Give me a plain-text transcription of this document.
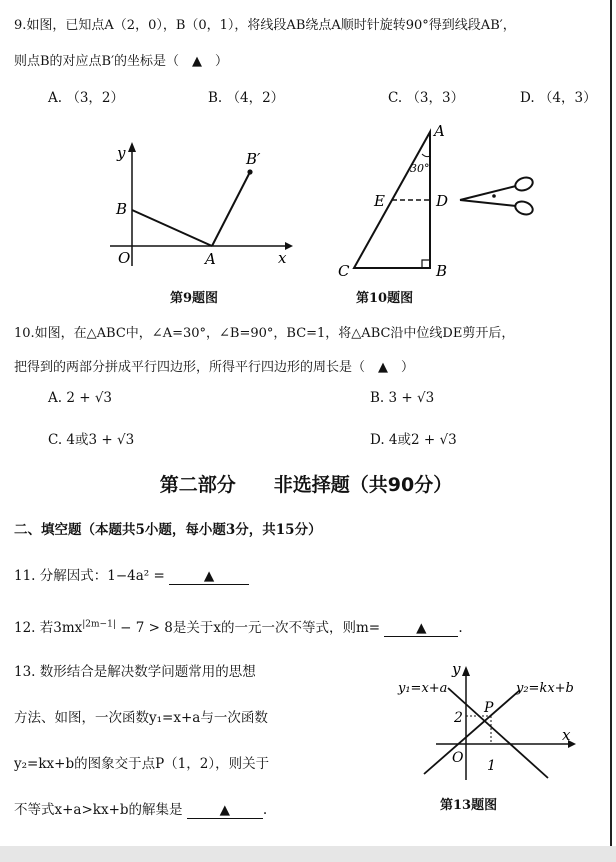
9.如图，已知点A（2，0），B（0，1），将线段AB绕点A顺时针旋转90°得到线段AB′，
则点B的对应点B′的坐标是（　▲　）
A. （3，2）	B. （4，2）	C. （3，3）	D. （4，3）
y
x
O	A
B
B′
第9题图
A
30°
E	D
C	B
第10题图
10.如图，在△ABC中，∠A=30°，∠B=90°，BC=1，将△ABC沿中位线DE剪开后，
把得到的两部分拼成平行四边形，所得平行四边形的周长是（　▲　）
A. 2 + √3	B. 3 + √3
C. 4或3 + √3	D. 4或2 + √3
第二部分　　非选择题（共90分）
二、填空题（本题共5小题，每小题3分，共15分）
11. 分解因式：1−4a² =	▲
12. 若$3mx^{|2m-1|} - 7 > 8$是关于x的一元一次不等式，则m=	▲ .
13. 数形结合是解决数学问题常用的思想
方法、如图，一次函数y₁=x+a与一次函数
y₂=kx+b的图象交于点P（1，2），则关于
不等式x+a>kx+b的解集是	▲ .
y
x
O 1
2
P
y₁=x+a	y₂=kx+b
第13题图
